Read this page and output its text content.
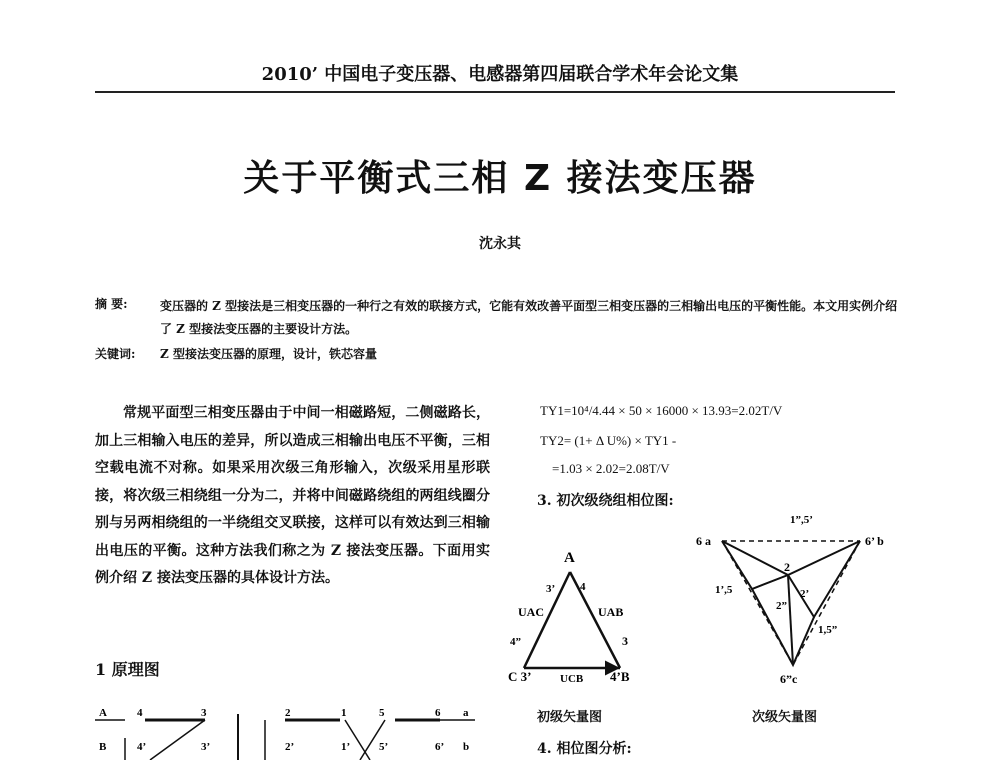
2010’ 中国电子变压器、电感器第四届联合学术年会论文集
关于平衡式三相 Z 接法变压器
沈永其
摘 要:	变压器的 Z 型接法是三相变压器的一种行之有效的联接方式，它能有效改善平面型三相变压器的三相输出电压的平衡性能。本文用实例介绍了 Z 型接法变压器的主要设计方法。
关键词: Z 型接法变压器的原理，设计，铁芯容量
常规平面型三相变压器由于中间一相磁路短，二侧磁路长，加上三相输入电压的差异，所以造成三相输出电压不平衡，三相空载电流不对称。如果采用次级三角形输入，次级采用星形联接，将次级三相绕组一分为二，并将中间磁路绕组的两组线圈分别与另两相绕组的一半绕组交叉联接，这样可以有效达到三相输出电压的平衡。这种方法我们称之为 Z 接法变压器。下面用实例介绍 Z 接法变压器的具体设计方法。
1 原理图
TY1=10⁴/4.44 × 50 × 16000 × 13.93=2.02T/V
TY2= (1+ Δ U%) × TY1 -
=1.03 × 2.02=2.08T/V
3. 初次级绕组相位图:
A
3’ 4
UAC	UAB
4”	3
C 3’	UCB 4’B
1”,5’
6 a	6’ b
2
1’,5	2’
2”
1,5”
6”c
初级矢量图	次级矢量图
4. 相位图分析:
A	4	3	2	1	5	6 a
B	4’	3’	2’	1’	5’	6’ b
